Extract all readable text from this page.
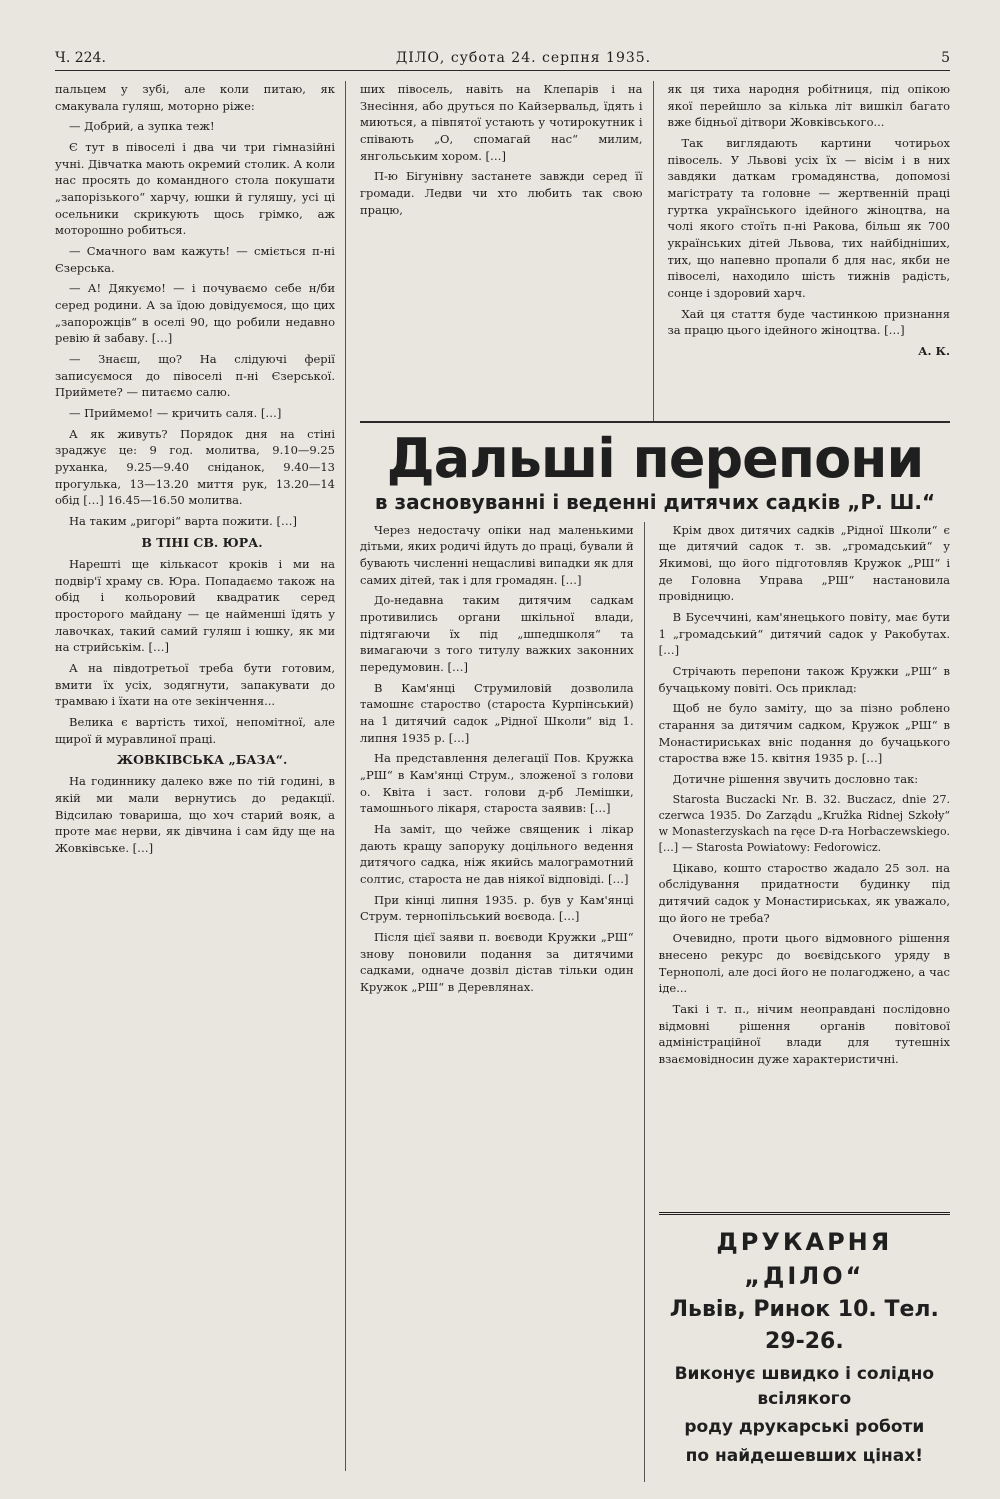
Ч. 224.	ДІЛО, субота 24. серпня 1935.	5

пальцем у зубі, але коли питаю, як смакувала гуляш, моторно ріже:

— Добрий, а зупка теж!

Є тут в півоселі і два чи три гімназійні учні. Дівчатка мають окремий столик. А коли нас просять до командного стола покушати „запорізького“ харчу, юшки й гуляшу, усі ці осельники скрикують щось грімко, аж моторошно робиться.

— Смачного вам кажуть! — сміється п-ні Єзерська.

— А! Дякуємо! — і почуваємо себе н/би серед родини. А за їдою довідуємося, що цих „запорожців“ в оселі 90, що робили недавно ревію й забаву. […]

— Знаєш, що? На слідуючі ферії записуємося до півоселі п-ні Єзерської. Приймете? — питаємо салю.

— Приймемо! — кричить саля. […]

А як живуть? Порядок дня на стіні зраджує це: 9 год. молитва, 9.10—9.25 руханка, 9.25—9.40 сніданок, 9.40—13 прогулька, 13—13.20 миття рук, 13.20—14 обід […] 16.45—16.50 молитва.

На таким „ригорі“ варта пожити. […]

В ТІНІ СВ. ЮРА.

Нарешті ще кількасот кроків і ми на подвір'ї храму св. Юра. Попадаємо також на обід і кольоровий квадратик серед просторого майдану — це найменші їдять у лавочках, такий самий гуляш і юшку, як ми на стрийськім. […]

А на півдотретьої треба бути готовим, вмити їх усіх, зодягнути, запакувати до трамваю і їхати на оте зекінчення...

Велика є вартість тихої, непомітної, але щирої й муравлиної праці.

ЖОВКІВСЬКА „БАЗА“.

На годиннику далеко вже по тій годині, в якій ми мали вернутись до редакції. Відсилаю товариша, що хоч старий вояк, а проте має нерви, як дівчина і сам йду ще на Жовківське. […]

ших півосель, навіть на Клепарів і на Знесіння, або друться по Кайзервальд, їдять і миються, а півпятої устають у чотирокутник і співають „О, спомагай нас“ милим, янгольським хором. […]

П-ю Бігунівну застанете завжди серед її громади. Ледви чи хто любить так свою працю,

як ця тиха народня робітниця, під опікою якої перейшло за кілька літ вишкіл багато вже бідньої дітвори Жовківського...

Так виглядають картини чотирьох півосель. У Львові усіх їх — вісім і в них завдяки даткам громадянства, допомозі магістрату та головне — жертвенній праці гуртка українського ідейного жіноцтва, на чолі якого стоїть п-ні Ракова, більш як 700 українських дітей Львова, тих найбідніших, тих, що напевно пропали б для нас, якби не півоселі, находило шість тижнів радість, сонце і здоровий харч.

Хай ця стаття буде частинкою признання за працю цього ідейного жіноцтва. […]

А. К.

Дальші перепони
в засновуванні і веденні дитячих садків „Р. Ш.“

Через недостачу опіки над маленькими дітьми, яких родичі йдуть до праці, бували й бувають численні нещасливі випадки як для самих дітей, так і для громадян. […]

До-недавна таким дитячим садкам противились органи шкільної влади, підтягаючи їх під „шпедшколя“ та вимагаючи з того титулу важких законних передумовин. […]

В Кам'янці Струмиловій дозволила тамошнє староство (староста Курпінський) на 1 дитячий садок „Рідної Школи“ від 1. липня 1935 р. […]

На представлення делегації Пов. Кружка „РШ“ в Кам'янці Струм., зложеної з голови о. Квіта і заст. голови д-рб Лемішки, тамошнього лікаря, староста заявив: […]

На заміт, що чейже священик і лікар дають кращу запоруку доцільного ведення дитячого садка, ніж якийсь малограмотний солтис, староста не дав ніякої відповіді. […]

При кінці липня 1935. р. був у Кам'янці Струм. тернопільський воєвода. […]

Після цієї заяви п. воєводи Кружки „РШ“ знову поновили подання за дитячими садками, одначе дозвіл дістав тільки один Кружок „РШ“ в Деревлянах.

Крім двох дитячих садків „Рідної Школи“ є ще дитячий садок т. зв. „громадський“ у Якимові, що його підготовляв Кружок „РШ“ і де Головна Управа „РШ“ настановила провідницю.

В Бусеччині, кам'янецького повіту, має бути 1 „громадський“ дитячий садок у Ракобутах. […]

Стрічають перепони також Кружки „РШ“ в бучацькому повіті. Ось приклад:

Щоб не було заміту, що за пізно роблено старання за дитячим садком, Кружок „РШ“ в Монастириськах вніс подання до бучацького староства вже 15. квітня 1935 р. […]

Дотичне рішення звучить дословно так:

Starosta Buczacki Nr. B. 32. Buczacz, dnie 27. czerwca 1935. Do Zarządu „Kružka Ridnej Szkoły“ w Monasterzyskach na ręce D-ra Horbaczewskiego. […] — Starosta Powiatowy: Fedorowicz.

Цікаво, кошто староство жадало 25 зол. на обслідування придатности будинку під дитячий садок у Монастириськах, як уважало, що його не треба?

Очевидно, проти цього відмовного рішення внесено рекурс до воєвідського уряду в Тернополі, але досі його не полагоджено, а час іде...

Такі і т. п., нічим неоправдані послідовно відмовні рішення органів повітової адміністраційної влади для тутешніх взаємовідносин дуже характеристичні.

ДРУКАРНЯ „ДІЛО“
Львів, Ринок 10. Тел. 29-26.
Виконує швидко і солідно всілякого
роду друкарські роботи
по найдешевших цінах!
